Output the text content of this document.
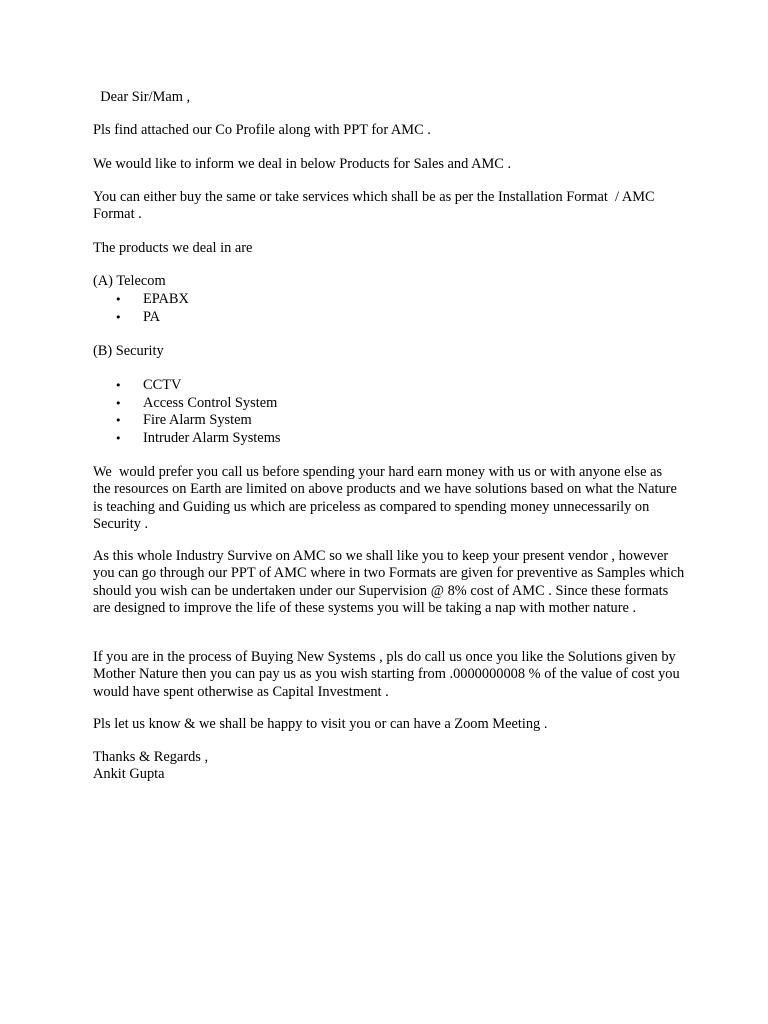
Dear Sir/Mam ,

Pls find attached our Co Profile along with PPT for AMC .

We would like to inform we deal in below Products for Sales and AMC .

You can either buy the same or take services which shall be as per the Installation Format  / AMC Format .

The products we deal in are

(A) Telecom

• EPABX
• PA

(B) Security

• CCTV
• Access Control System
• Fire Alarm System
• Intruder Alarm Systems

We  would prefer you call us before spending your hard earn money with us or with anyone else as the resources on Earth are limited on above products and we have solutions based on what the Nature is teaching and Guiding us which are priceless as compared to spending money unnecessarily on Security .

As this whole Industry Survive on AMC so we shall like you to keep your present vendor , however you can go through our PPT of AMC where in two Formats are given for preventive as Samples which should you wish can be undertaken under our Supervision @ 8% cost of AMC . Since these formats are designed to improve the life of these systems you will be taking a nap with mother nature .

If you are in the process of Buying New Systems , pls do call us once you like the Solutions given by Mother Nature then you can pay us as you wish starting from .0000000008 % of the value of cost you would have spent otherwise as Capital Investment .

Pls let us know & we shall be happy to visit you or can have a Zoom Meeting .

Thanks & Regards ,

Ankit Gupta
